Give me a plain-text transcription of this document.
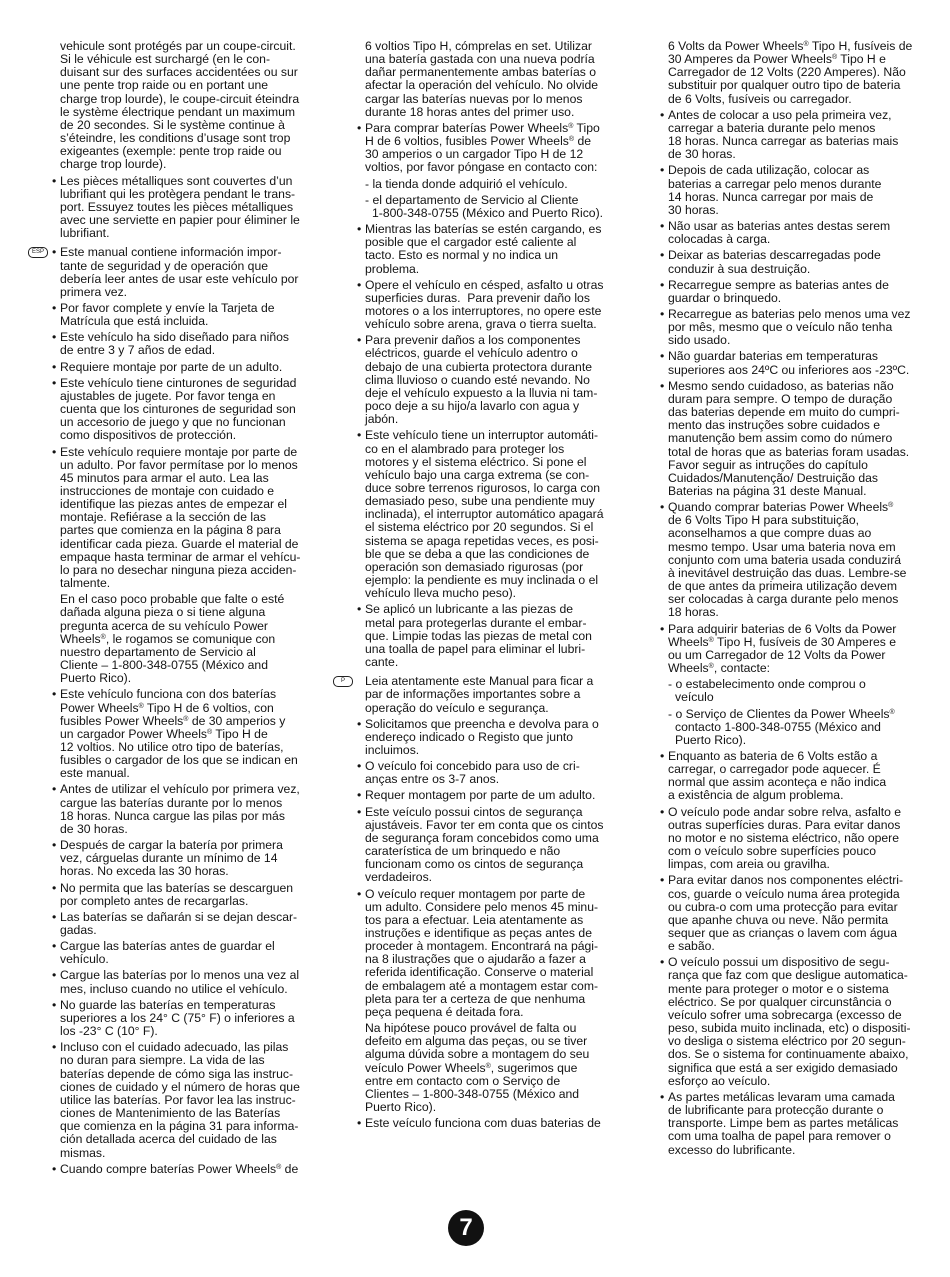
vehicule sont protégés par un coupe-circuit.
Si le véhicule est surchargé (en le con-
duisant sur des surfaces accidentées ou sur
une pente trop raide ou en portant une
charge trop lourde), le coupe-circuit éteindra
le système électrique pendant un maximum
de 20 secondes. Si le système continue à
s’éteindre, les conditions d’usage sont trop
exigeantes (exemple: pente trop raide ou
charge trop lourde).
• Les pièces métalliques sont couvertes d’un
lubrifiant qui les protègera pendant le trans-
port. Essuyez toutes les pièces métalliques
avec une serviette en papier pour éliminer le
lubrifiant.
ESP
•	Este manual contiene información impor-
tante de seguridad y de operación que
debería leer antes de usar este vehículo por
primera vez.
• Por favor complete y envíe la Tarjeta de
Matrícula que está incluida.
• Este vehículo ha sido diseñado para niños
de entre 3 y 7 años de edad.
• Requiere montaje por parte de un adulto.
• Este vehículo tiene cinturones de seguridad
ajustables de jugete. Por favor tenga en
cuenta que los cinturones de seguridad son
un accesorio de juego y que no funcionan
como dispositivos de protección.
• Este vehículo requiere montaje por parte de
un adulto. Por favor permítase por lo menos
45 minutos para armar el auto. Lea las
instrucciones de montaje con cuidado e
identifique las piezas antes de empezar el
montaje. Refiérase a la sección de las
partes que comienza en la página 8 para
identificar cada pieza. Guarde el material de
empaque hasta terminar de armar el vehícu-
lo para no desechar ninguna pieza acciden-
talmente.
En el caso poco probable que falte o esté
dañada alguna pieza o si tiene alguna
pregunta acerca de su vehículo Power
Wheels®, le rogamos se comunique con
nuestro departamento de Servicio al
Cliente – 1-800-348-0755 (México and
Puerto Rico).
• Este vehículo funciona con dos baterías
Power Wheels® Tipo H de 6 voltios, con
fusibles Power Wheels® de 30 amperios y
un cargador Power Wheels® Tipo H de
12 voltios. No utilice otro tipo de baterías,
fusibles o cargador de los que se indican en
este manual.
• Antes de utilizar el vehículo por primera vez,
cargue las baterías durante por lo menos
18 horas. Nunca cargue las pilas por más
de 30 horas.
• Después de cargar la batería por primera
vez, cárguelas durante un mínimo de 14
horas. No exceda las 30 horas.
• No permita que las baterías se descarguen
por completo antes de recargarlas.
• Las baterías se dañarán si se dejan descar-
gadas.
• Cargue las baterías antes de guardar el
vehículo.
• Cargue las baterías por lo menos una vez al
mes, incluso cuando no utilice el vehículo.
• No guarde las baterías en temperaturas
superiores a los 24° C (75° F) o inferiores a
los -23° C (10° F).
• Incluso con el cuidado adecuado, las pilas
no duran para siempre. La vida de las
baterías depende de cómo siga las instruc-
ciones de cuidado y el número de horas que
utilice las baterías. Por favor lea las instruc-
ciones de Mantenimiento de las Baterías
que comienza en la página 31 para informa-
ción detallada acerca del cuidado de las
mismas.
• Cuando compre baterías Power Wheels® de
6 voltios Tipo H, cómprelas en set. Utilizar
una batería gastada con una nueva podría
dañar permanentemente ambas baterías o
afectar la operación del vehículo. No olvide
cargar las baterías nuevas por lo menos
durante 18 horas antes del primer uso.
• Para comprar baterías Power Wheels® Tipo
H de 6 voltios, fusibles Power Wheels® de
30 amperios o un cargador Tipo H de 12
voltios, por favor póngase en contacto con:
- la tienda donde adquirió el vehículo.
- el departamento de Servicio al Cliente
1-800-348-0755 (México and Puerto Rico).
• Mientras las baterías se estén cargando, es
posible que el cargador esté caliente al
tacto. Esto es normal y no indica un
problema.
• Opere el vehículo en césped, asfalto u otras
superficies duras.  Para prevenir daño los
motores o a los interruptores, no opere este
vehículo sobre arena, grava o tierra suelta.
• Para prevenir daños a los componentes
eléctricos, guarde el vehículo adentro o
debajo de una cubierta protectora durante
clima lluvioso o cuando esté nevando. No
deje el vehículo expuesto a la lluvia ni tam-
poco deje a su hijo/a lavarlo con agua y
jabón.
• Este vehículo tiene un interruptor automáti-
co en el alambrado para proteger los
motores y el sistema eléctrico. Si pone el
vehículo bajo una carga extrema (se con-
duce sobre terrenos rigurosos, lo carga con
demasiado peso, sube una pendiente muy
inclinada), el interruptor automático apagará
el sistema eléctrico por 20 segundos. Si el
sistema se apaga repetidas veces, es posi-
ble que se deba a que las condiciones de
operación son demasiado rigurosas (por
ejemplo: la pendiente es muy inclinada o el
vehículo lleva mucho peso).
• Se aplicó un lubricante a las piezas de
metal para protegerlas durante el embar-
que. Limpie todas las piezas de metal con
una toalla de papel para eliminar el lubri-
cante.
P	Leia atentamente este Manual para ficar a
par de informações importantes sobre a
operação do veículo e segurança.
• Solicitamos que preencha e devolva para o
endereço indicado o Registo que junto
incluimos.
• O veículo foi concebido para uso de cri-
anças entre os 3-7 anos.
• Requer montagem por parte de um adulto.
• Este veículo possui cintos de segurança
ajustáveis. Favor ter em conta que os cintos
de segurança foram concebidos como uma
caraterística de um brinquedo e não
funcionam como os cintos de segurança
verdadeiros.
• O veículo requer montagem por parte de
um adulto. Considere pelo menos 45 minu-
tos para a efectuar. Leia atentamente as
instruções e identifique as peças antes de
proceder à montagem. Encontrará na pági-
na 8 ilustrações que o ajudarão a fazer a
referida identificação. Conserve o material
de embalagem até a montagem estar com-
pleta para ter a certeza de que nenhuma
peça pequena é deitada fora.
Na hipótese pouco provável de falta ou
defeito em alguma das peças, ou se tiver
alguma dúvida sobre a montagem do seu
veículo Power Wheels®, sugerimos que
entre em contacto com o Serviço de
Clientes – 1-800-348-0755 (México and
Puerto Rico).
• Este veículo funciona com duas baterias de
6 Volts da Power Wheels® Tipo H, fusíveis de
30 Amperes da Power Wheels® Tipo H e
Carregador de 12 Volts (220 Amperes). Não
substituir por qualquer outro tipo de bateria
de 6 Volts, fusíveis ou carregador.
• Antes de colocar a uso pela primeira vez,
carregar a bateria durante pelo menos
18 horas. Nunca carregar as baterias mais
de 30 horas.
• Depois de cada utilização, colocar as
baterias a carregar pelo menos durante
14 horas. Nunca carregar por mais de
30 horas.
• Não usar as baterias antes destas serem
colocadas à carga.
• Deixar as baterias descarregadas pode
conduzir à sua destruição.
• Recarregue sempre as baterias antes de
guardar o brinquedo.
• Recarregue as baterias pelo menos uma vez
por mês, mesmo que o veículo não tenha
sido usado.
• Não guardar baterias em temperaturas
superiores aos 24ºC ou inferiores aos -23ºC.
• Mesmo sendo cuidadoso, as baterias não
duram para sempre. O tempo de duração
das baterias depende em muito do cumpri-
mento das instruções sobre cuidados e
manutenção bem assim como do número
total de horas que as baterias foram usadas.
Favor seguir as intruções do capítulo
Cuidados/Manutenção/ Destruição das
Baterias na página 31 deste Manual.
• Quando comprar baterias Power Wheels®
de 6 Volts Tipo H para substituição,
aconselhamos a que compre duas ao
mesmo tempo. Usar uma bateria nova em
conjunto com uma bateria usada conduzirá
à inevitável destruição das duas. Lembre-se
de que antes da primeira utilização devem
ser colocadas à carga durante pelo menos
18 horas.
• Para adquirir baterias de 6 Volts da Power
Wheels® Tipo H, fusíveis de 30 Amperes e
ou um Carregador de 12 Volts da Power
Wheels®, contacte:
- o estabelecimento onde comprou o
veículo
- o Serviço de Clientes da Power Wheels®
contacto 1-800-348-0755 (México and
Puerto Rico).
• Enquanto as bateria de 6 Volts estão a
carregar, o carregador pode aquecer. É
normal que assim aconteça e não indica
a existência de algum problema.
• O veículo pode andar sobre relva, asfalto e
outras superfícies duras. Para evitar danos
no motor e no sistema eléctrico, não opere
com o veículo sobre superfícies pouco
limpas, com areia ou gravilha.
• Para evitar danos nos componentes eléctri-
cos, guarde o veículo numa área protegida
ou cubra-o com uma protecção para evitar
que apanhe chuva ou neve. Não permita
sequer que as crianças o lavem com água
e sabão.
• O veículo possui um dispositivo de segu-
rança que faz com que desligue automatica-
mente para proteger o motor e o sistema
eléctrico. Se por qualquer circunstância o
veículo sofrer uma sobrecarga (excesso de
peso, subida muito inclinada, etc) o dispositi-
vo desliga o sistema eléctrico por 20 segun-
dos. Se o sistema for continuamente abaixo,
significa que está a ser exigido demasiado
esforço ao veículo.
• As partes metálicas levaram uma camada
de lubrificante para protecção durante o
transporte. Limpe bem as partes metálicas
com uma toalha de papel para remover o
excesso do lubrificante.
7
